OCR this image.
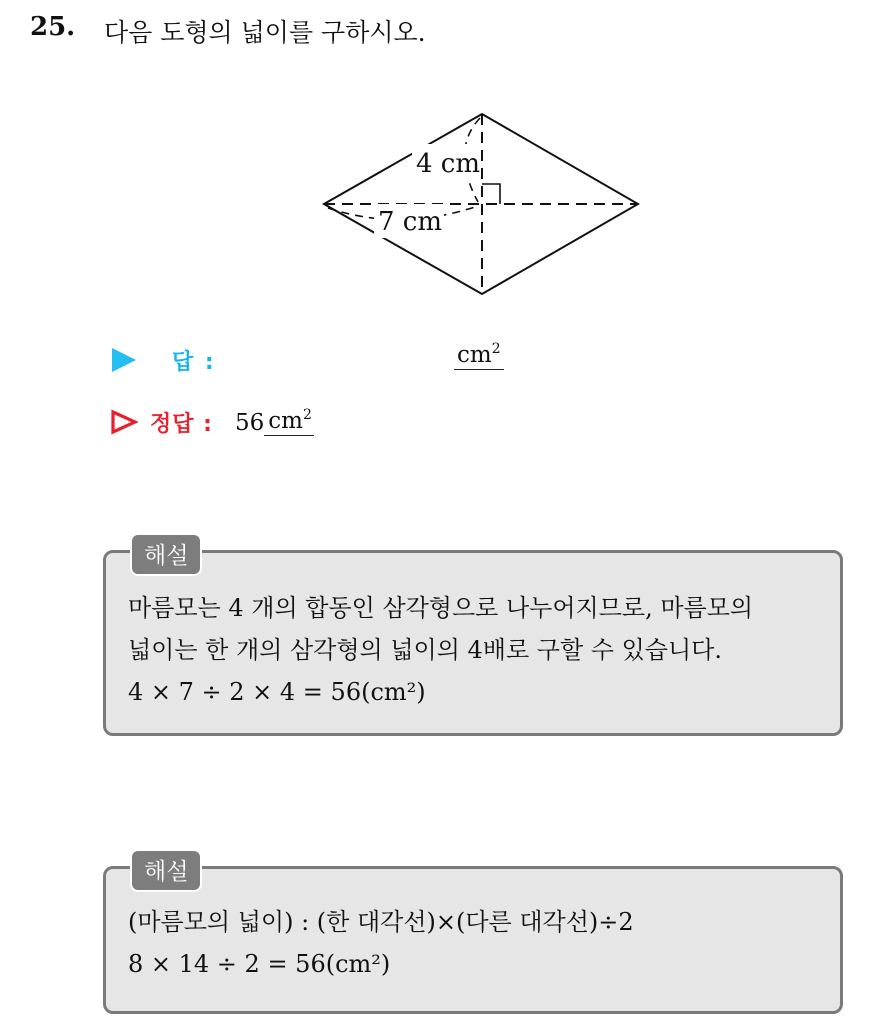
25. 다음 도형의 넓이를 구하시오.
4 cm
7 cm
답 :	$cm^2$
정답 : 56 $cm^2$
해설
마름모는 4 개의 합동인 삼각형으로 나누어지므로, 마름모의
넓이는 한 개의 삼각형의 넓이의 4배로 구할 수 있습니다.
4 × 7 ÷ 2 × 4 = 56(cm²)
해설
(마름모의 넓이) : (한 대각선)×(다른 대각선)÷2
8 × 14 ÷ 2 = 56(cm²)
